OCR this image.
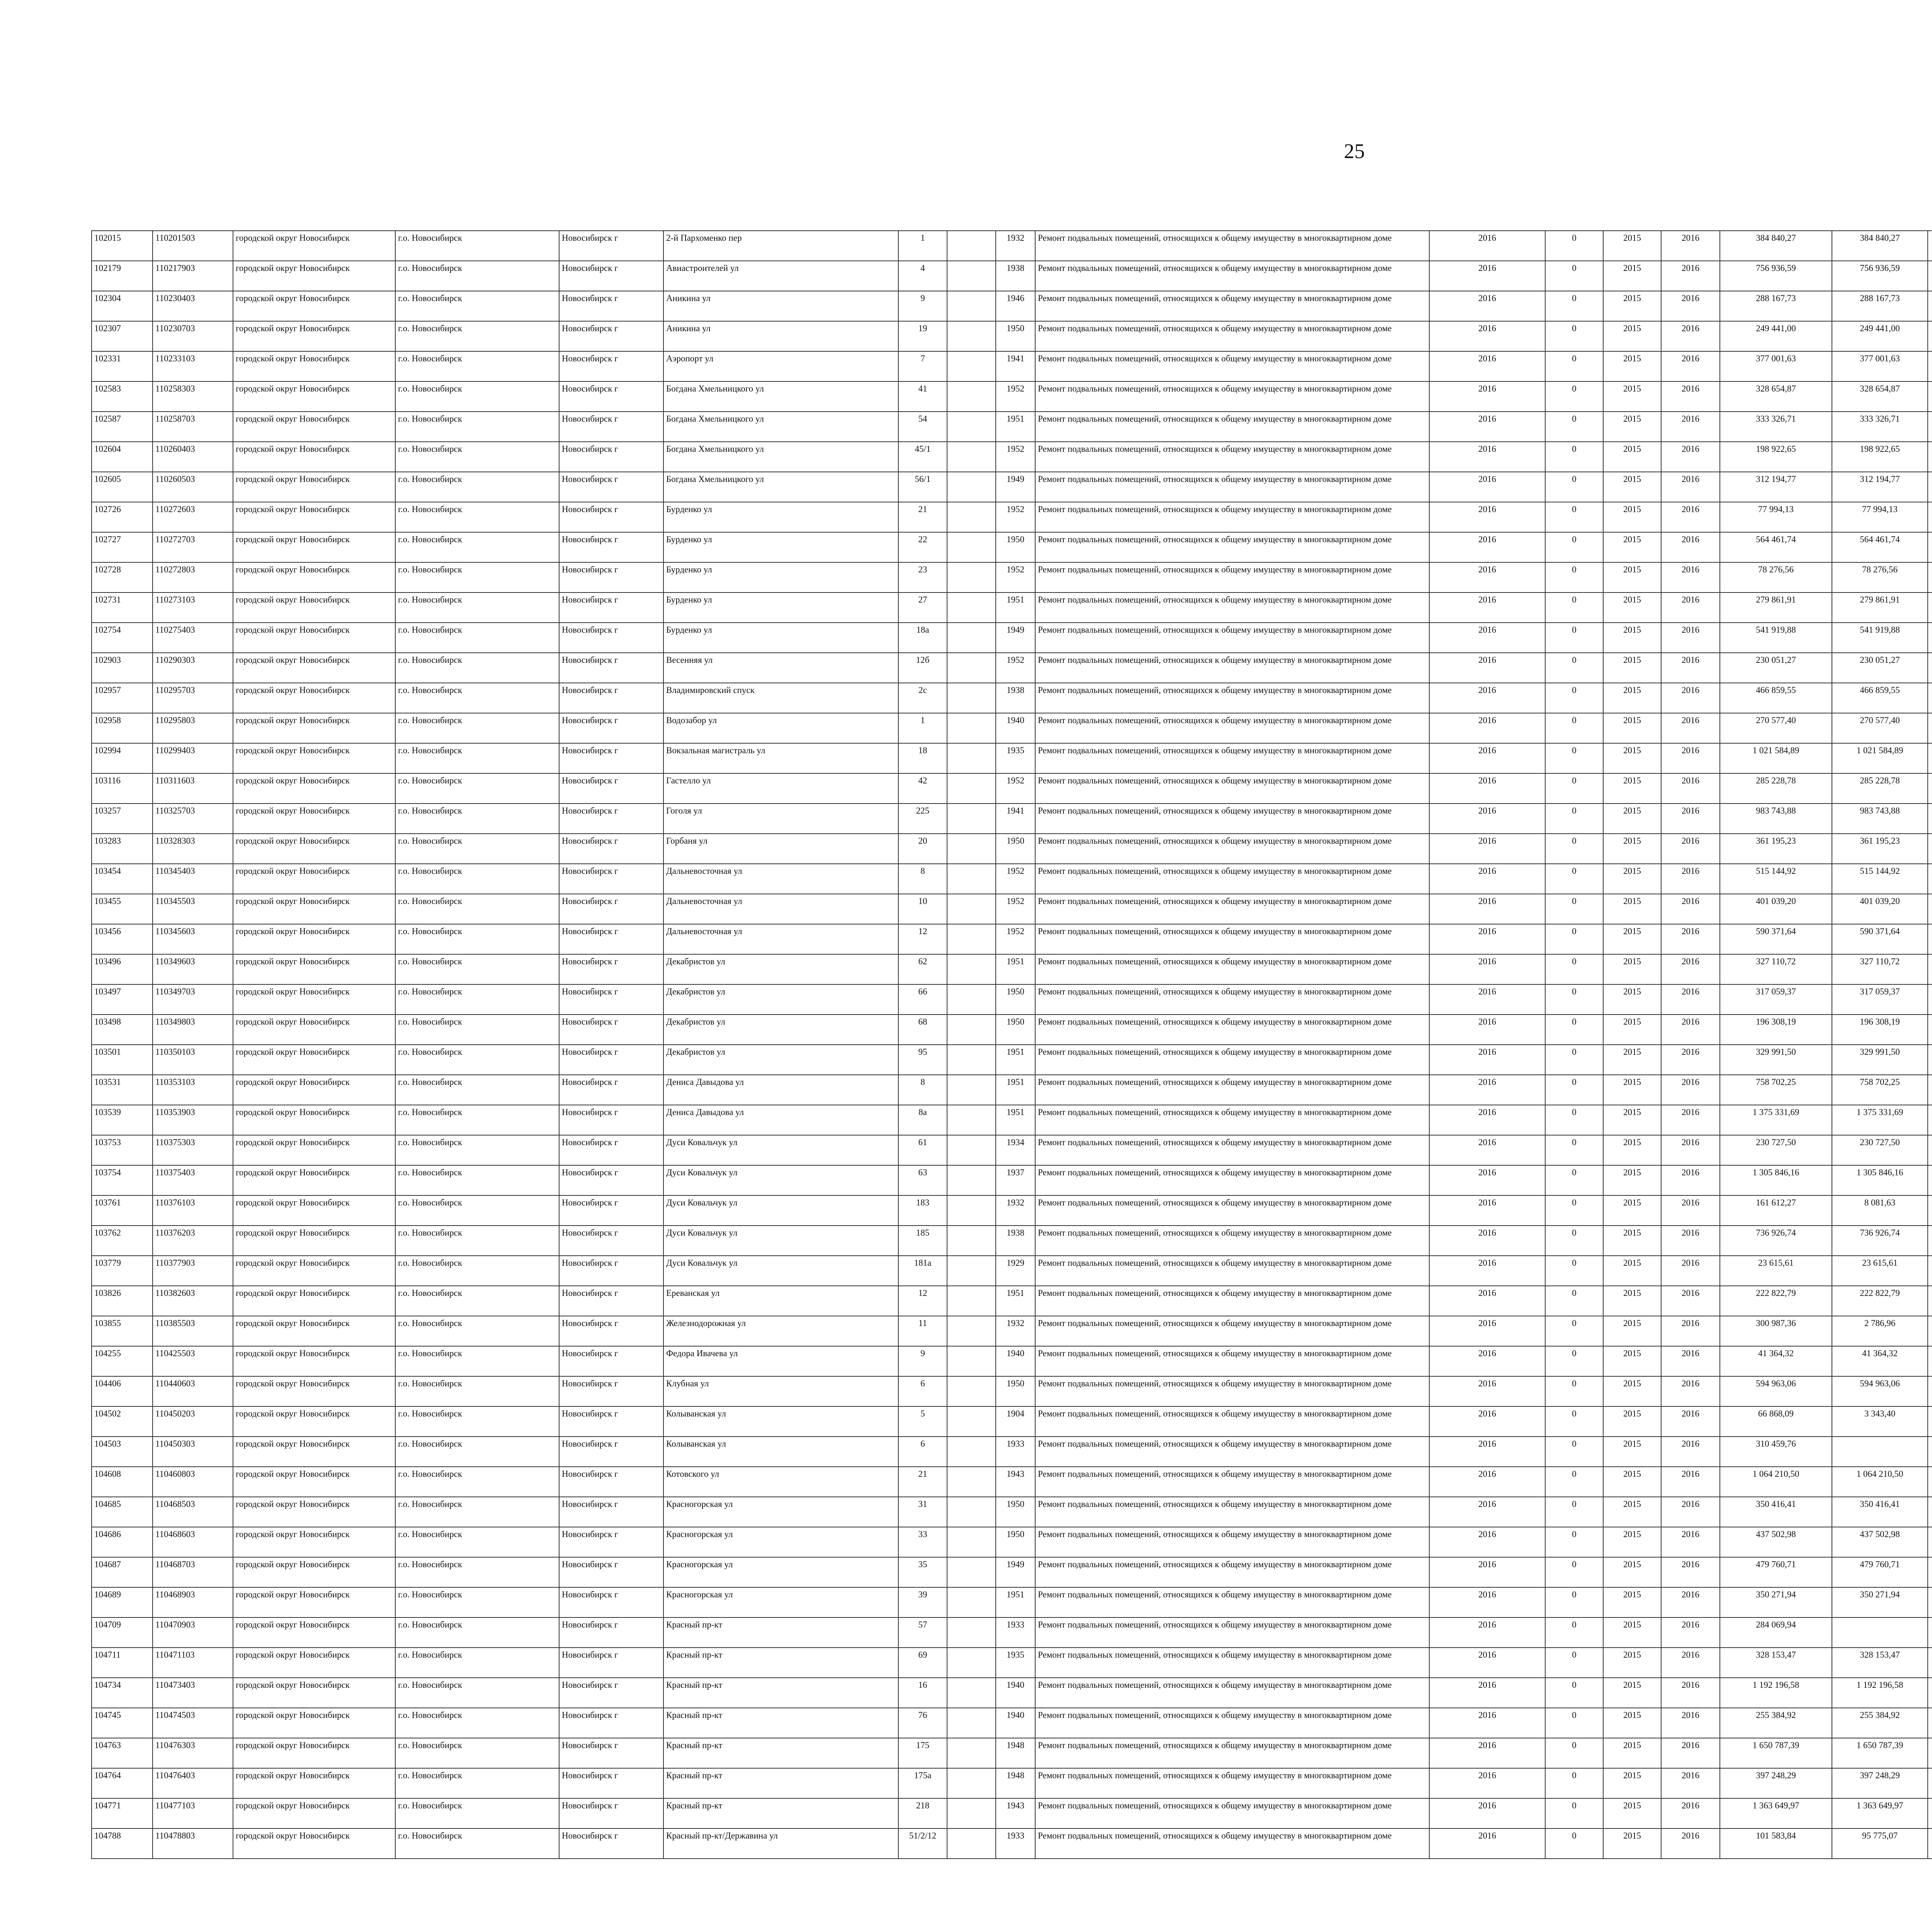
25
102015	110201503	городской округ Новосибирск	г.о. Новосибирск	Новосибирск г	2-й Пархоменко пер	1		1932	Ремонт подвальных помещений, относящихся к общему имуществу в многоквартирном доме	2016	0	2015	2016	384 840,27	384 840,27							
102179	110217903	городской округ Новосибирск	г.о. Новосибирск	Новосибирск г	Авиастроителей ул	4		1938	Ремонт подвальных помещений, относящихся к общему имуществу в многоквартирном доме	2016	0	2015	2016	756 936,59	756 936,59							
102304	110230403	городской округ Новосибирск	г.о. Новосибирск	Новосибирск г	Аникина ул	9		1946	Ремонт подвальных помещений, относящихся к общему имуществу в многоквартирном доме	2016	0	2015	2016	288 167,73	288 167,73							
102307	110230703	городской округ Новосибирск	г.о. Новосибирск	Новосибирск г	Аникина ул	19		1950	Ремонт подвальных помещений, относящихся к общему имуществу в многоквартирном доме	2016	0	2015	2016	249 441,00	249 441,00							
102331	110233103	городской округ Новосибирск	г.о. Новосибирск	Новосибирск г	Аэропорт ул	7		1941	Ремонт подвальных помещений, относящихся к общему имуществу в многоквартирном доме	2016	0	2015	2016	377 001,63	377 001,63							
102583	110258303	городской округ Новосибирск	г.о. Новосибирск	Новосибирск г	Богдана Хмельницкого ул	41		1952	Ремонт подвальных помещений, относящихся к общему имуществу в многоквартирном доме	2016	0	2015	2016	328 654,87	328 654,87							
102587	110258703	городской округ Новосибирск	г.о. Новосибирск	Новосибирск г	Богдана Хмельницкого ул	54		1951	Ремонт подвальных помещений, относящихся к общему имуществу в многоквартирном доме	2016	0	2015	2016	333 326,71	333 326,71							
102604	110260403	городской округ Новосибирск	г.о. Новосибирск	Новосибирск г	Богдана Хмельницкого ул	45/1		1952	Ремонт подвальных помещений, относящихся к общему имуществу в многоквартирном доме	2016	0	2015	2016	198 922,65	198 922,65							
102605	110260503	городской округ Новосибирск	г.о. Новосибирск	Новосибирск г	Богдана Хмельницкого ул	56/1		1949	Ремонт подвальных помещений, относящихся к общему имуществу в многоквартирном доме	2016	0	2015	2016	312 194,77	312 194,77							
102726	110272603	городской округ Новосибирск	г.о. Новосибирск	Новосибирск г	Бурденко ул	21		1952	Ремонт подвальных помещений, относящихся к общему имуществу в многоквартирном доме	2016	0	2015	2016	77 994,13	77 994,13							
102727	110272703	городской округ Новосибирск	г.о. Новосибирск	Новосибирск г	Бурденко ул	22		1950	Ремонт подвальных помещений, относящихся к общему имуществу в многоквартирном доме	2016	0	2015	2016	564 461,74	564 461,74							
102728	110272803	городской округ Новосибирск	г.о. Новосибирск	Новосибирск г	Бурденко ул	23		1952	Ремонт подвальных помещений, относящихся к общему имуществу в многоквартирном доме	2016	0	2015	2016	78 276,56	78 276,56							
102731	110273103	городской округ Новосибирск	г.о. Новосибирск	Новосибирск г	Бурденко ул	27		1951	Ремонт подвальных помещений, относящихся к общему имуществу в многоквартирном доме	2016	0	2015	2016	279 861,91	279 861,91							
102754	110275403	городской округ Новосибирск	г.о. Новосибирск	Новосибирск г	Бурденко ул	18а		1949	Ремонт подвальных помещений, относящихся к общему имуществу в многоквартирном доме	2016	0	2015	2016	541 919,88	541 919,88							
102903	110290303	городской округ Новосибирск	г.о. Новосибирск	Новосибирск г	Весенняя ул	12б		1952	Ремонт подвальных помещений, относящихся к общему имуществу в многоквартирном доме	2016	0	2015	2016	230 051,27	230 051,27							
102957	110295703	городской округ Новосибирск	г.о. Новосибирск	Новосибирск г	Владимировский спуск	2с		1938	Ремонт подвальных помещений, относящихся к общему имуществу в многоквартирном доме	2016	0	2015	2016	466 859,55	466 859,55							
102958	110295803	городской округ Новосибирск	г.о. Новосибирск	Новосибирск г	Водозабор ул	1		1940	Ремонт подвальных помещений, относящихся к общему имуществу в многоквартирном доме	2016	0	2015	2016	270 577,40	270 577,40							
102994	110299403	городской округ Новосибирск	г.о. Новосибирск	Новосибирск г	Вокзальная магистраль ул	18		1935	Ремонт подвальных помещений, относящихся к общему имуществу в многоквартирном доме	2016	0	2015	2016	1 021 584,89	1 021 584,89							
103116	110311603	городской округ Новосибирск	г.о. Новосибирск	Новосибирск г	Гастелло ул	42		1952	Ремонт подвальных помещений, относящихся к общему имуществу в многоквартирном доме	2016	0	2015	2016	285 228,78	285 228,78							
103257	110325703	городской округ Новосибирск	г.о. Новосибирск	Новосибирск г	Гоголя ул	225		1941	Ремонт подвальных помещений, относящихся к общему имуществу в многоквартирном доме	2016	0	2015	2016	983 743,88	983 743,88							
103283	110328303	городской округ Новосибирск	г.о. Новосибирск	Новосибирск г	Горбаня ул	20		1950	Ремонт подвальных помещений, относящихся к общему имуществу в многоквартирном доме	2016	0	2015	2016	361 195,23	361 195,23							
103454	110345403	городской округ Новосибирск	г.о. Новосибирск	Новосибирск г	Дальневосточная ул	8		1952	Ремонт подвальных помещений, относящихся к общему имуществу в многоквартирном доме	2016	0	2015	2016	515 144,92	515 144,92							
103455	110345503	городской округ Новосибирск	г.о. Новосибирск	Новосибирск г	Дальневосточная ул	10		1952	Ремонт подвальных помещений, относящихся к общему имуществу в многоквартирном доме	2016	0	2015	2016	401 039,20	401 039,20							
103456	110345603	городской округ Новосибирск	г.о. Новосибирск	Новосибирск г	Дальневосточная ул	12		1952	Ремонт подвальных помещений, относящихся к общему имуществу в многоквартирном доме	2016	0	2015	2016	590 371,64	590 371,64							
103496	110349603	городской округ Новосибирск	г.о. Новосибирск	Новосибирск г	Декабристов ул	62		1951	Ремонт подвальных помещений, относящихся к общему имуществу в многоквартирном доме	2016	0	2015	2016	327 110,72	327 110,72							
103497	110349703	городской округ Новосибирск	г.о. Новосибирск	Новосибирск г	Декабристов ул	66		1950	Ремонт подвальных помещений, относящихся к общему имуществу в многоквартирном доме	2016	0	2015	2016	317 059,37	317 059,37							
103498	110349803	городской округ Новосибирск	г.о. Новосибирск	Новосибирск г	Декабристов ул	68		1950	Ремонт подвальных помещений, относящихся к общему имуществу в многоквартирном доме	2016	0	2015	2016	196 308,19	196 308,19							
103501	110350103	городской округ Новосибирск	г.о. Новосибирск	Новосибирск г	Декабристов ул	95		1951	Ремонт подвальных помещений, относящихся к общему имуществу в многоквартирном доме	2016	0	2015	2016	329 991,50	329 991,50							
103531	110353103	городской округ Новосибирск	г.о. Новосибирск	Новосибирск г	Дениса Давыдова ул	8		1951	Ремонт подвальных помещений, относящихся к общему имуществу в многоквартирном доме	2016	0	2015	2016	758 702,25	758 702,25							
103539	110353903	городской округ Новосибирск	г.о. Новосибирск	Новосибирск г	Дениса Давыдова ул	8а		1951	Ремонт подвальных помещений, относящихся к общему имуществу в многоквартирном доме	2016	0	2015	2016	1 375 331,69	1 375 331,69							
103753	110375303	городской округ Новосибирск	г.о. Новосибирск	Новосибирск г	Дуси Ковальчук ул	61		1934	Ремонт подвальных помещений, относящихся к общему имуществу в многоквартирном доме	2016	0	2015	2016	230 727,50	230 727,50							
103754	110375403	городской округ Новосибирск	г.о. Новосибирск	Новосибирск г	Дуси Ковальчук ул	63		1937	Ремонт подвальных помещений, относящихся к общему имуществу в многоквартирном доме	2016	0	2015	2016	1 305 846,16	1 305 846,16							
103761	110376103	городской округ Новосибирск	г.о. Новосибирск	Новосибирск г	Дуси Ковальчук ул	183		1932	Ремонт подвальных помещений, относящихся к общему имуществу в многоквартирном доме	2016	0	2015	2016	161 612,27	8 081,63							
103762	110376203	городской округ Новосибирск	г.о. Новосибирск	Новосибирск г	Дуси Ковальчук ул	185		1938	Ремонт подвальных помещений, относящихся к общему имуществу в многоквартирном доме	2016	0	2015	2016	736 926,74	736 926,74							
103779	110377903	городской округ Новосибирск	г.о. Новосибирск	Новосибирск г	Дуси Ковальчук ул	181а		1929	Ремонт подвальных помещений, относящихся к общему имуществу в многоквартирном доме	2016	0	2015	2016	23 615,61	23 615,61							
103826	110382603	городской округ Новосибирск	г.о. Новосибирск	Новосибирск г	Ереванская ул	12		1951	Ремонт подвальных помещений, относящихся к общему имуществу в многоквартирном доме	2016	0	2015	2016	222 822,79	222 822,79							
103855	110385503	городской округ Новосибирск	г.о. Новосибирск	Новосибирск г	Железнодорожная ул	11		1932	Ремонт подвальных помещений, относящихся к общему имуществу в многоквартирном доме	2016	0	2015	2016	300 987,36	2 786,96							
104255	110425503	городской округ Новосибирск	г.о. Новосибирск	Новосибирск г	Федора Ивачева ул	9		1940	Ремонт подвальных помещений, относящихся к общему имуществу в многоквартирном доме	2016	0	2015	2016	41 364,32	41 364,32							
104406	110440603	городской округ Новосибирск	г.о. Новосибирск	Новосибирск г	Клубная ул	6		1950	Ремонт подвальных помещений, относящихся к общему имуществу в многоквартирном доме	2016	0	2015	2016	594 963,06	594 963,06							
104502	110450203	городской округ Новосибирск	г.о. Новосибирск	Новосибирск г	Колыванская ул	5		1904	Ремонт подвальных помещений, относящихся к общему имуществу в многоквартирном доме	2016	0	2015	2016	66 868,09	3 343,40							
104503	110450303	городской округ Новосибирск	г.о. Новосибирск	Новосибирск г	Колыванская ул	6		1933	Ремонт подвальных помещений, относящихся к общему имуществу в многоквартирном доме	2016	0	2015	2016	310 459,76								
104608	110460803	городской округ Новосибирск	г.о. Новосибирск	Новосибирск г	Котовского ул	21		1943	Ремонт подвальных помещений, относящихся к общему имуществу в многоквартирном доме	2016	0	2015	2016	1 064 210,50	1 064 210,50							
104685	110468503	городской округ Новосибирск	г.о. Новосибирск	Новосибирск г	Красногорская ул	31		1950	Ремонт подвальных помещений, относящихся к общему имуществу в многоквартирном доме	2016	0	2015	2016	350 416,41	350 416,41							
104686	110468603	городской округ Новосибирск	г.о. Новосибирск	Новосибирск г	Красногорская ул	33		1950	Ремонт подвальных помещений, относящихся к общему имуществу в многоквартирном доме	2016	0	2015	2016	437 502,98	437 502,98							
104687	110468703	городской округ Новосибирск	г.о. Новосибирск	Новосибирск г	Красногорская ул	35		1949	Ремонт подвальных помещений, относящихся к общему имуществу в многоквартирном доме	2016	0	2015	2016	479 760,71	479 760,71							
104689	110468903	городской округ Новосибирск	г.о. Новосибирск	Новосибирск г	Красногорская ул	39		1951	Ремонт подвальных помещений, относящихся к общему имуществу в многоквартирном доме	2016	0	2015	2016	350 271,94	350 271,94							
104709	110470903	городской округ Новосибирск	г.о. Новосибирск	Новосибирск г	Красный пр-кт	57		1933	Ремонт подвальных помещений, относящихся к общему имуществу в многоквартирном доме	2016	0	2015	2016	284 069,94								
104711	110471103	городской округ Новосибирск	г.о. Новосибирск	Новосибирск г	Красный пр-кт	69		1935	Ремонт подвальных помещений, относящихся к общему имуществу в многоквартирном доме	2016	0	2015	2016	328 153,47	328 153,47							
104734	110473403	городской округ Новосибирск	г.о. Новосибирск	Новосибирск г	Красный пр-кт	16		1940	Ремонт подвальных помещений, относящихся к общему имуществу в многоквартирном доме	2016	0	2015	2016	1 192 196,58	1 192 196,58							
104745	110474503	городской округ Новосибирск	г.о. Новосибирск	Новосибирск г	Красный пр-кт	76		1940	Ремонт подвальных помещений, относящихся к общему имуществу в многоквартирном доме	2016	0	2015	2016	255 384,92	255 384,92							
104763	110476303	городской округ Новосибирск	г.о. Новосибирск	Новосибирск г	Красный пр-кт	175		1948	Ремонт подвальных помещений, относящихся к общему имуществу в многоквартирном доме	2016	0	2015	2016	1 650 787,39	1 650 787,39							
104764	110476403	городской округ Новосибирск	г.о. Новосибирск	Новосибирск г	Красный пр-кт	175а		1948	Ремонт подвальных помещений, относящихся к общему имуществу в многоквартирном доме	2016	0	2015	2016	397 248,29	397 248,29							
104771	110477103	городской округ Новосибирск	г.о. Новосибирск	Новосибирск г	Красный пр-кт	218		1943	Ремонт подвальных помещений, относящихся к общему имуществу в многоквартирном доме	2016	0	2015	2016	1 363 649,97	1 363 649,97							
104788	110478803	городской округ Новосибирск	г.о. Новосибирск	Новосибирск г	Красный пр-кт/Державина ул	51/2/12		1933	Ремонт подвальных помещений, относящихся к общему имуществу в многоквартирном доме	2016	0	2015	2016	101 583,84	95 775,07							
